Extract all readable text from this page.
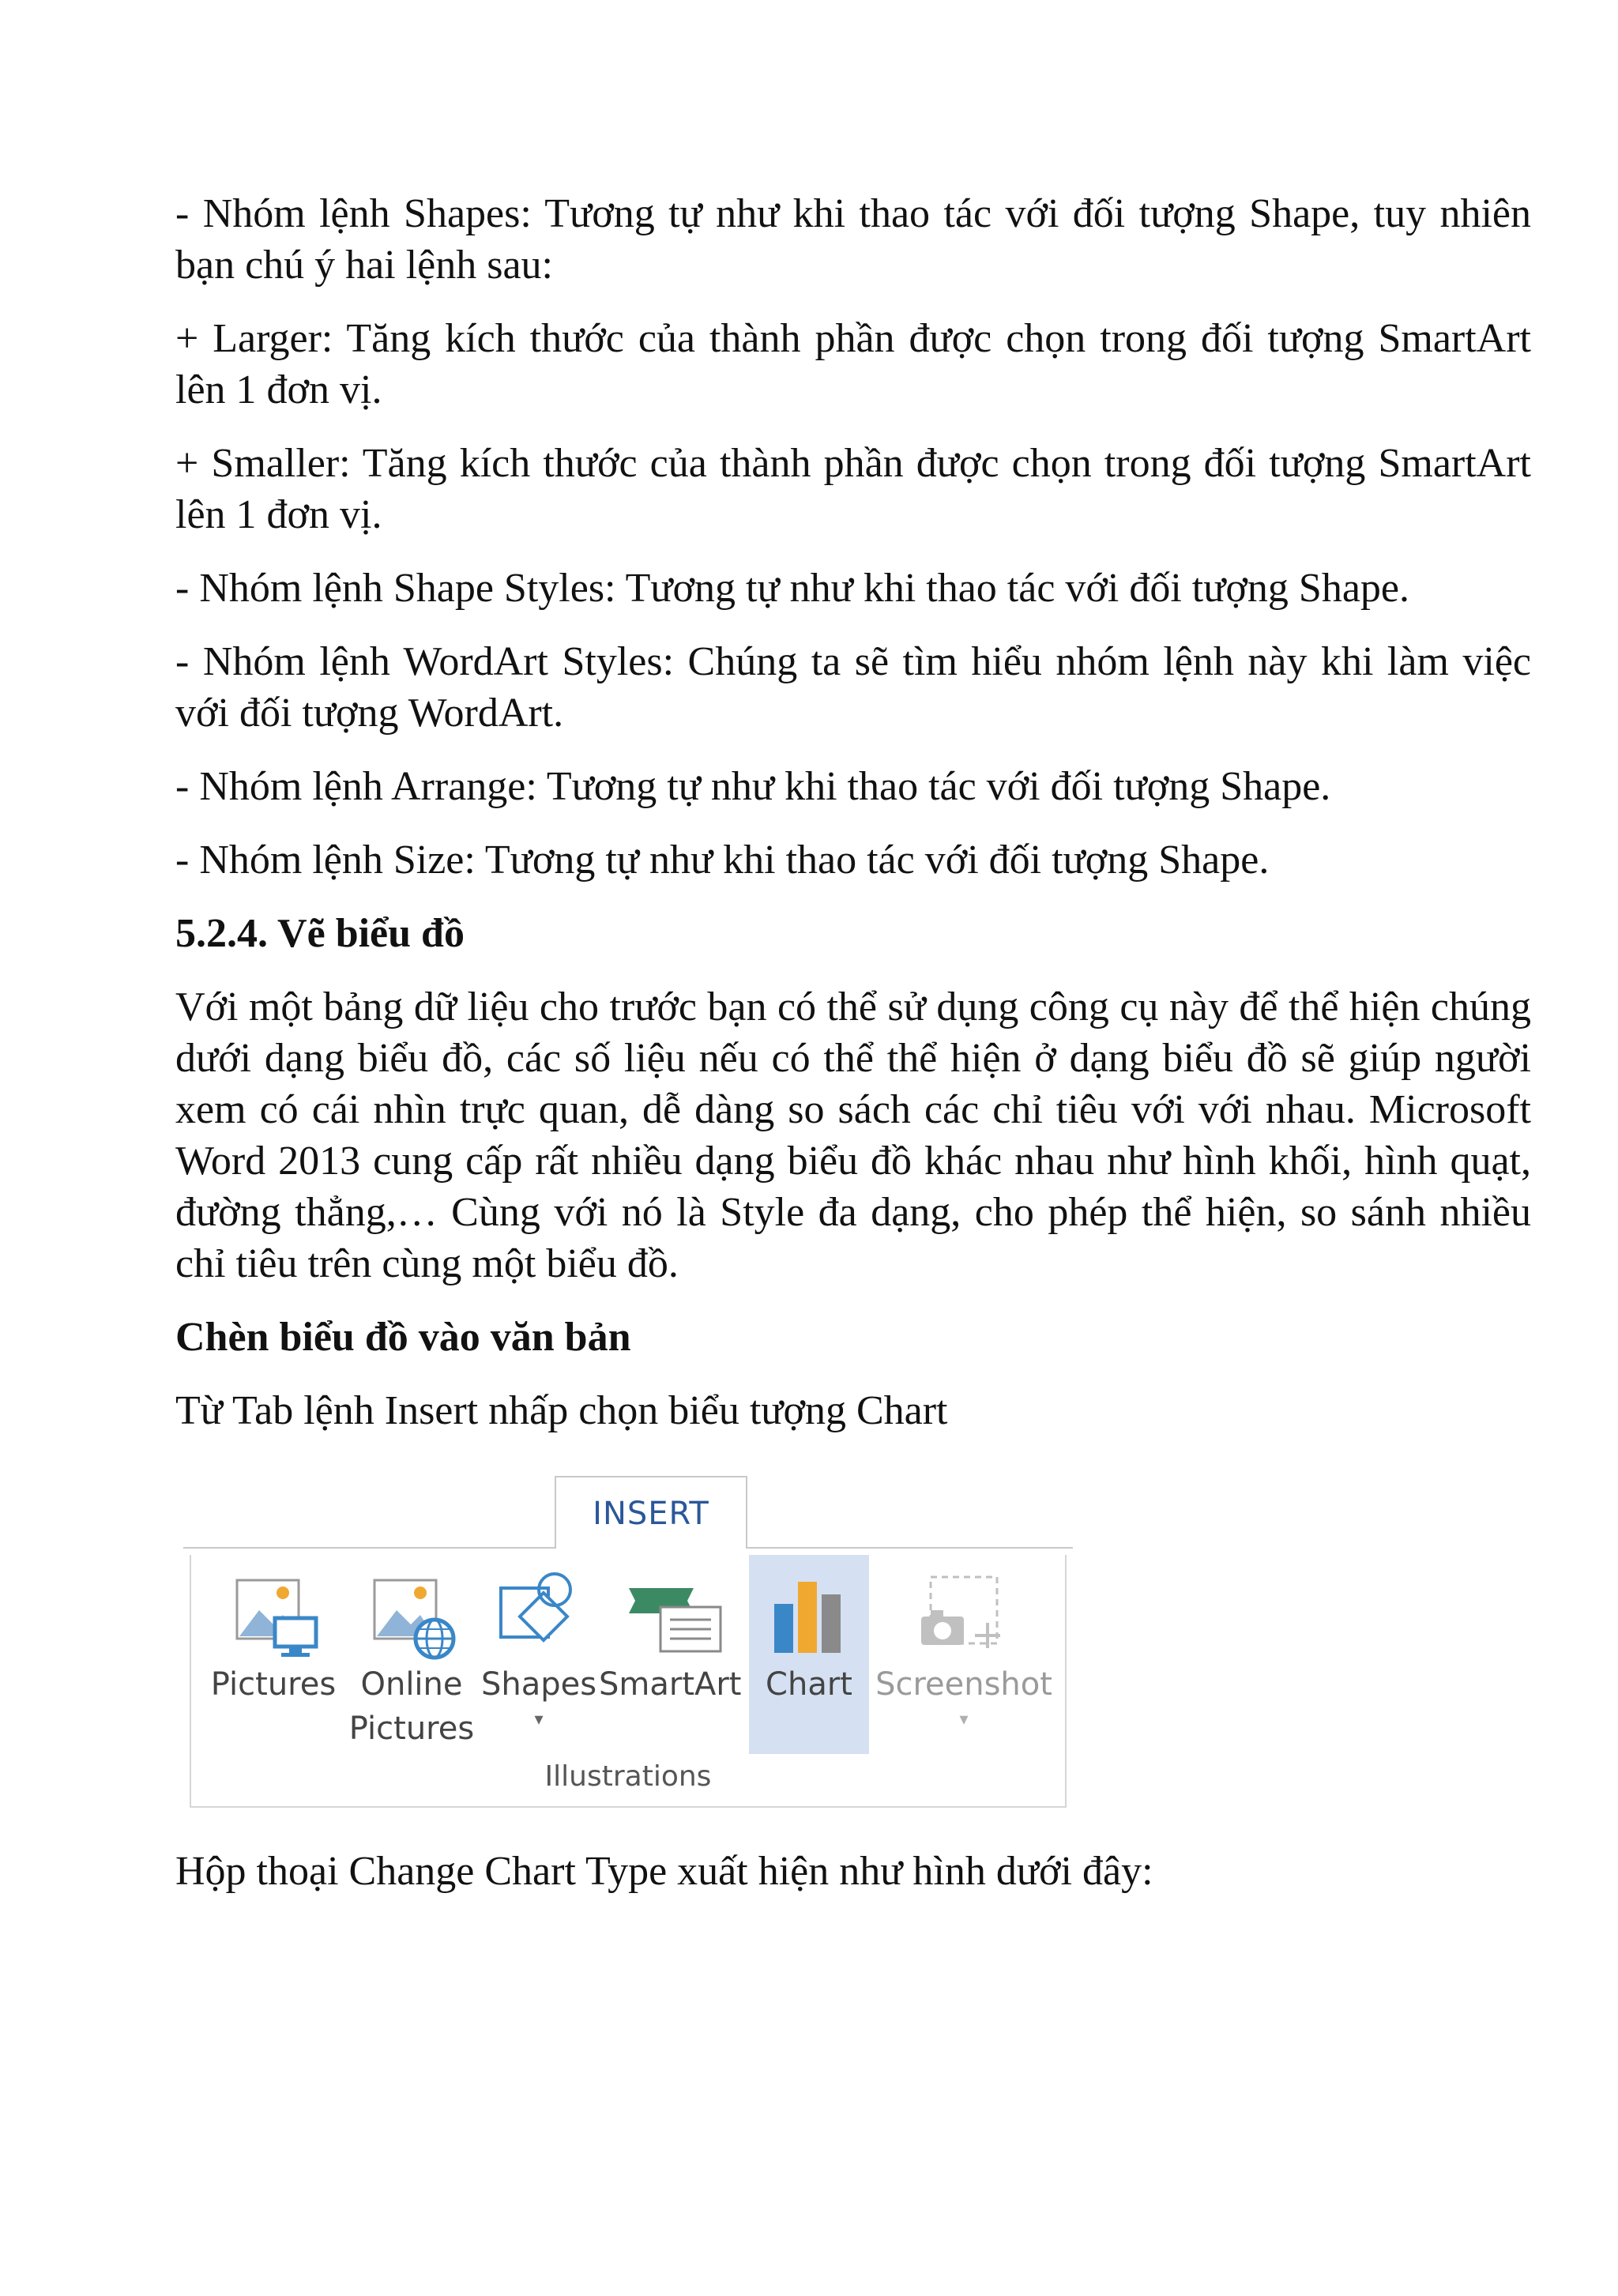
- Nhóm lệnh Shapes: Tương tự như khi thao tác với đối tượng Shape, tuy nhiên bạn chú ý hai lệnh sau:

+ Larger: Tăng kích thước của thành phần được chọn trong đối tượng SmartArt lên 1 đơn vị.

+ Smaller: Tăng kích thước của thành phần được chọn trong đối tượng SmartArt lên 1 đơn vị.

- Nhóm lệnh Shape Styles: Tương tự như khi thao tác với đối tượng Shape.

- Nhóm lệnh WordArt Styles: Chúng ta sẽ tìm hiểu nhóm lệnh này khi làm việc với đối tượng WordArt.

- Nhóm lệnh Arrange: Tương tự như khi thao tác với đối tượng Shape.

- Nhóm lệnh Size: Tương tự như khi thao tác với đối tượng Shape.

5.2.4. Vẽ biểu đồ

Với một bảng dữ liệu cho trước bạn có thể sử dụng công cụ này để thể hiện chúng dưới dạng biểu đồ, các số liệu nếu có thể thể hiện ở dạng biểu đồ sẽ giúp người xem có cái nhìn trực quan, dễ dàng so sách các chỉ tiêu với với nhau. Microsoft Word 2013 cung cấp rất nhiều dạng biểu đồ khác nhau như hình khối, hình quạt, đường thẳng,… Cùng với nó là Style đa dạng, cho phép thể hiện, so sánh nhiều chỉ tiêu trên cùng một biểu đồ.

Chèn biểu đồ vào văn bản

Từ Tab lệnh Insert nhấp chọn biểu tượng Chart

INSERT
Pictures Online
Pictures
Shapes
▾
SmartArt Chart Screenshot
▾
Illustrations

Hộp thoại Change Chart Type xuất hiện như hình dưới đây:
